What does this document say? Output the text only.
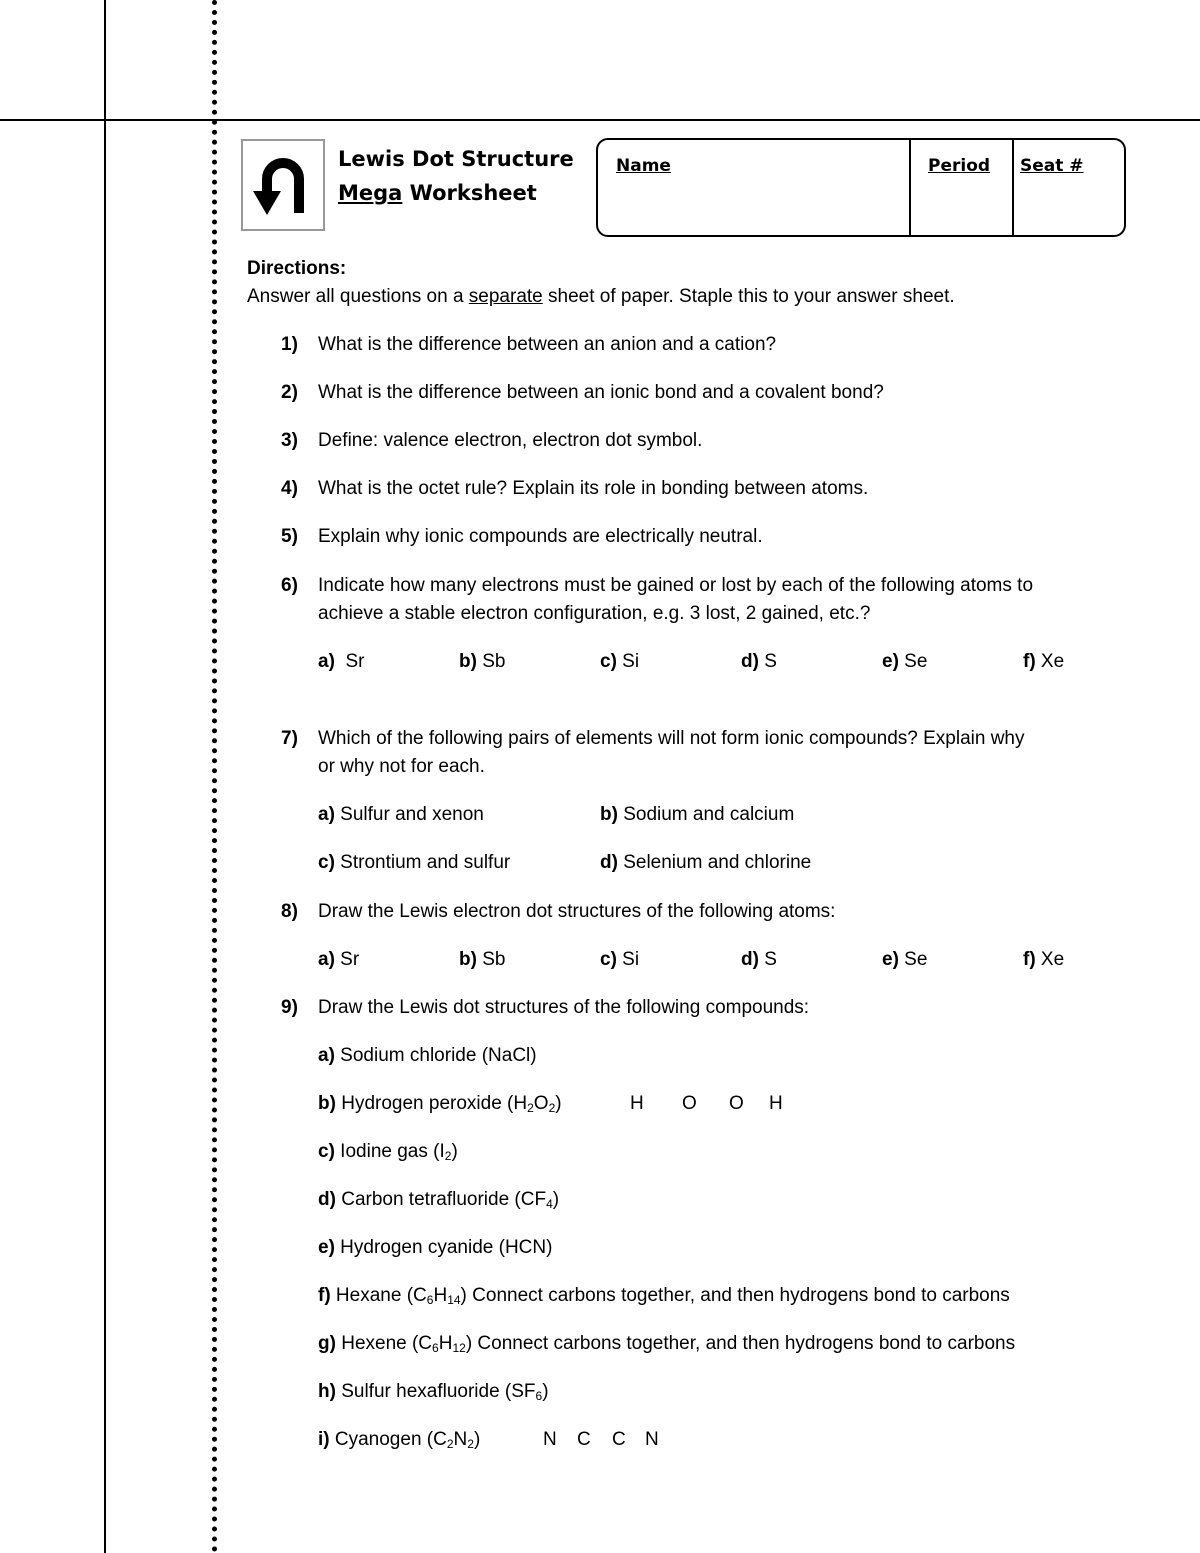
Lewis Dot Structure
Mega Worksheet
Name	Period Seat #
Directions:
Answer all questions on a separate sheet of paper. Staple this to your answer sheet.
1) What is the difference between an anion and a cation?
2) What is the difference between an ionic bond and a covalent bond?
3) Define: valence electron, electron dot symbol.
4) What is the octet rule? Explain its role in bonding between atoms.
5) Explain why ionic compounds are electrically neutral.
6) Indicate how many electrons must be gained or lost by each of the following atoms to
achieve a stable electron configuration, e.g. 3 lost, 2 gained, etc.?
a)  Sr	b) Sb	c) Si	d) S	e) Se	f) Xe
7) Which of the following pairs of elements will not form ionic compounds? Explain why
or why not for each.
a) Sulfur and xenon	b) Sodium and calcium
c) Strontium and sulfur	d) Selenium and chlorine
8) Draw the Lewis electron dot structures of the following atoms:
a) Sr	b) Sb	c) Si	d) S	e) Se	f) Xe
9) Draw the Lewis dot structures of the following compounds:
a) Sodium chloride (NaCl)
b) Hydrogen peroxide $(H_2O_2)$	H O O H
c) Iodine gas $(I_2)$
d) Carbon tetrafluoride $(CF_4)$
e) Hydrogen cyanide (HCN)
f) Hexane $(C_6H_{14})$ Connect carbons together, and then hydrogens bond to carbons
g) Hexene $(C_6H_{12})$ Connect carbons together, and then hydrogens bond to carbons
h) Sulfur hexafluoride $(SF_6)$
i) Cyanogen $(C_2N_2)$	N C C N
